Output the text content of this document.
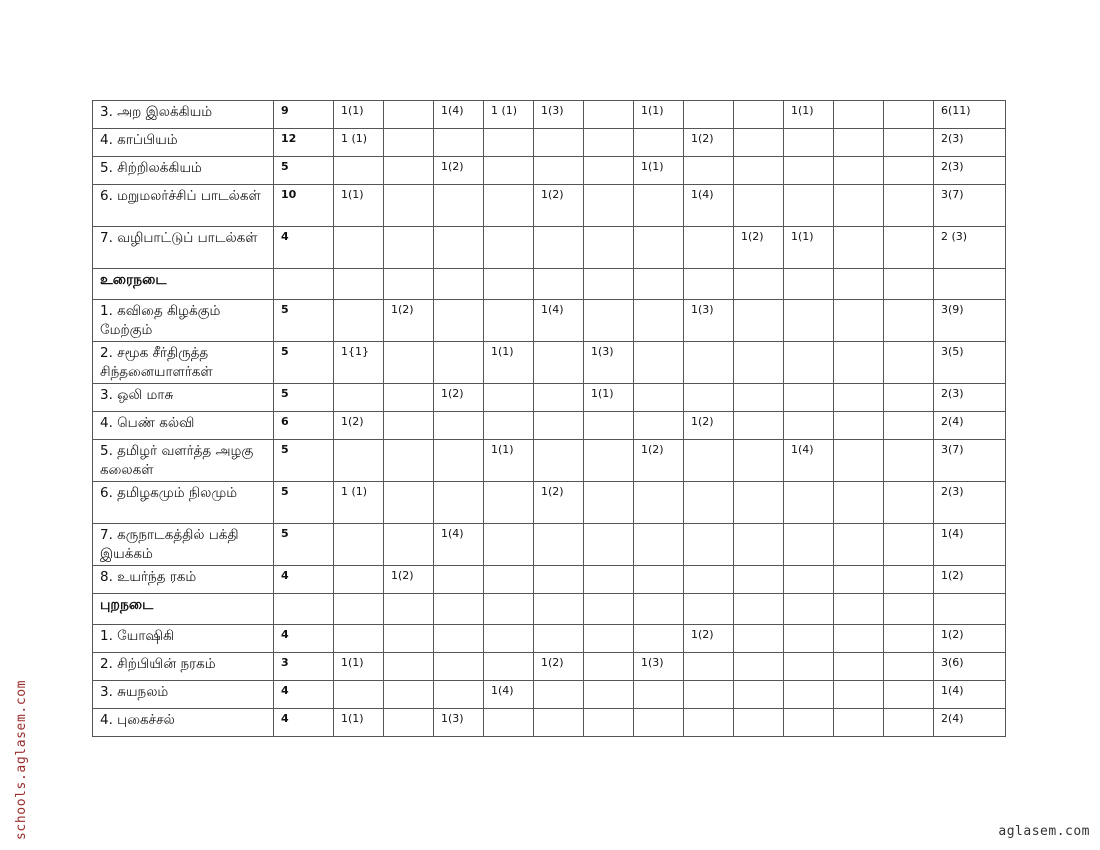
3. அற இலக்கியம்	9	1(1)		1(4)	1 (1)	1(3)		1(1)			1(1)			6(11)
4. காப்பியம்	12	1 (1)							1(2)					2(3)
5. சிற்றிலக்கியம்	5			1(2)				1(1)						2(3)
6. மறுமலர்ச்சிப் பாடல்கள்	10	1(1)				1(2)			1(4)					3(7)
7. வழிபாட்டுப் பாடல்கள்	4									1(2)	1(1)			2 (3)
உரைநடை														
1. கவிதை கிழக்கும் மேற்கும்	5		1(2)			1(4)			1(3)					3(9)
2. சமூக சீர்திருத்த சிந்தனையாளர்கள்	5	1{1}			1(1)		1(3)							3(5)
3. ஒலி மாசு	5			1(2)			1(1)							2(3)
4. பெண் கல்வி	6	1(2)							1(2)					2(4)
5. தமிழர் வளர்த்த அழகு கலைகள்	5				1(1)			1(2)			1(4)			3(7)
6. தமிழகமும் நிலமும்	5	1 (1)				1(2)								2(3)
7. கருநாடகத்தில் பக்தி இயக்கம்	5			1(4)										1(4)
8. உயர்ந்த ரகம்	4		1(2)											1(2)
புறநடை														
1. யோஷிகி	4								1(2)					1(2)
2. சிற்பியின் நரகம்	3	1(1)				1(2)		1(3)						3(6)
3. சுயநலம்	4				1(4)									1(4)
4. புகைச்சல்	4	1(1)		1(3)										2(4)
schools.aglasem.com	aglasem.com
